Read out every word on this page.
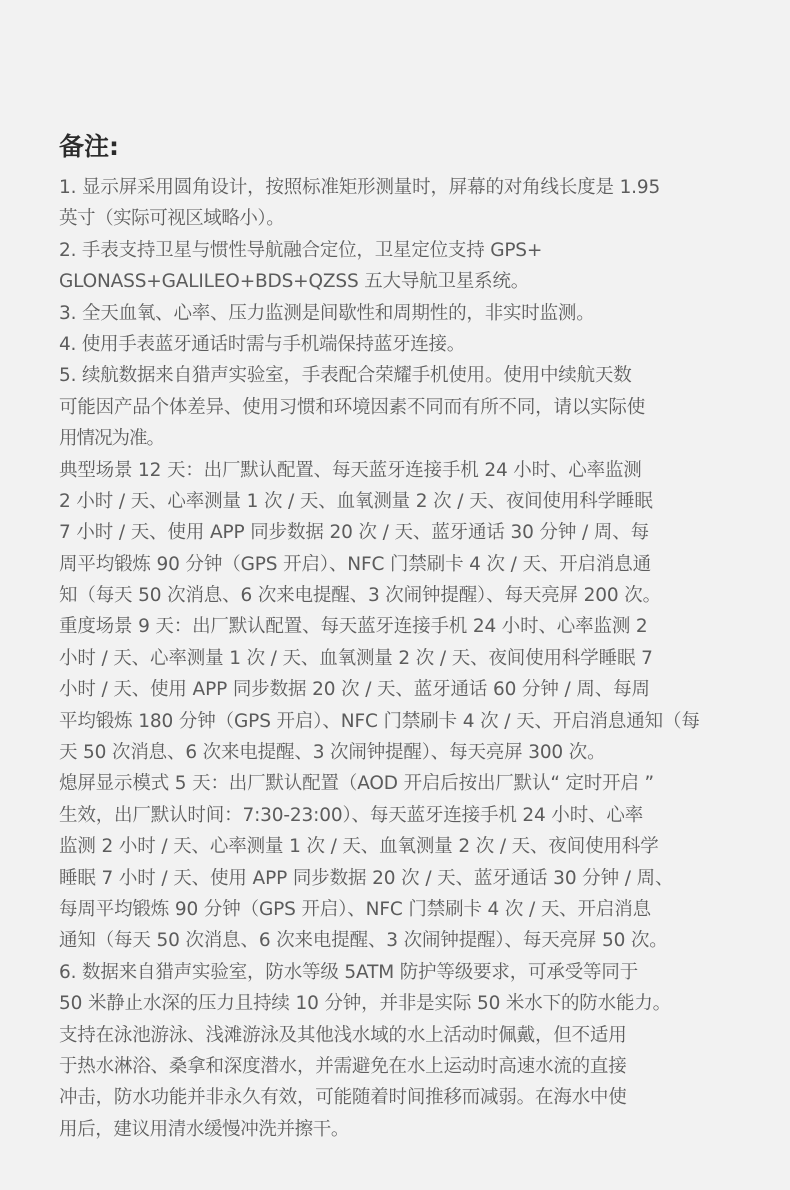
备注:
1. 显示屏采用圆角设计，按照标准矩形测量时，屏幕的对角线长度是 1.95
英寸（实际可视区域略小）。
2. 手表支持卫星与惯性导航融合定位，卫星定位支持 GPS+
GLONASS+GALILEO+BDS+QZSS 五大导航卫星系统。
3. 全天血氧、心率、压力监测是间歇性和周期性的，非实时监测。
4. 使用手表蓝牙通话时需与手机端保持蓝牙连接。
5. 续航数据来自猎声实验室，手表配合荣耀手机使用。使用中续航天数
可能因产品个体差异、使用习惯和环境因素不同而有所不同，请以实际使
用情况为准。
典型场景 12 天：出厂默认配置、每天蓝牙连接手机 24 小时、心率监测
2 小时 / 天、心率测量 1 次 / 天、血氧测量 2 次 / 天、夜间使用科学睡眠
7 小时 / 天、使用 APP 同步数据 20 次 / 天、蓝牙通话 30 分钟 / 周、每
周平均锻炼 90 分钟（GPS 开启）、NFC 门禁刷卡 4 次 / 天、开启消息通
知（每天 50 次消息、6 次来电提醒、3 次闹钟提醒）、每天亮屏 200 次。
重度场景 9 天：出厂默认配置、每天蓝牙连接手机 24 小时、心率监测 2
小时 / 天、心率测量 1 次 / 天、血氧测量 2 次 / 天、夜间使用科学睡眠 7
小时 / 天、使用 APP 同步数据 20 次 / 天、蓝牙通话 60 分钟 / 周、每周
平均锻炼 180 分钟（GPS 开启）、NFC 门禁刷卡 4 次 / 天、开启消息通知（每
天 50 次消息、6 次来电提醒、3 次闹钟提醒）、每天亮屏 300 次。
熄屏显示模式 5 天：出厂默认配置（AOD 开启后按出厂默认“ 定时开启 ”
生效，出厂默认时间：7:30-23:00）、每天蓝牙连接手机 24 小时、心率
监测 2 小时 / 天、心率测量 1 次 / 天、血氧测量 2 次 / 天、夜间使用科学
睡眠 7 小时 / 天、使用 APP 同步数据 20 次 / 天、蓝牙通话 30 分钟 / 周、
每周平均锻炼 90 分钟（GPS 开启）、NFC 门禁刷卡 4 次 / 天、开启消息
通知（每天 50 次消息、6 次来电提醒、3 次闹钟提醒）、每天亮屏 50 次。
6. 数据来自猎声实验室，防水等级 5ATM 防护等级要求，可承受等同于
50 米静止水深的压力且持续 10 分钟，并非是实际 50 米水下的防水能力。
支持在泳池游泳、浅滩游泳及其他浅水域的水上活动时佩戴，但不适用
于热水淋浴、桑拿和深度潜水，并需避免在水上运动时高速水流的直接
冲击，防水功能并非永久有效，可能随着时间推移而减弱。在海水中使
用后，建议用清水缓慢冲洗并擦干。
